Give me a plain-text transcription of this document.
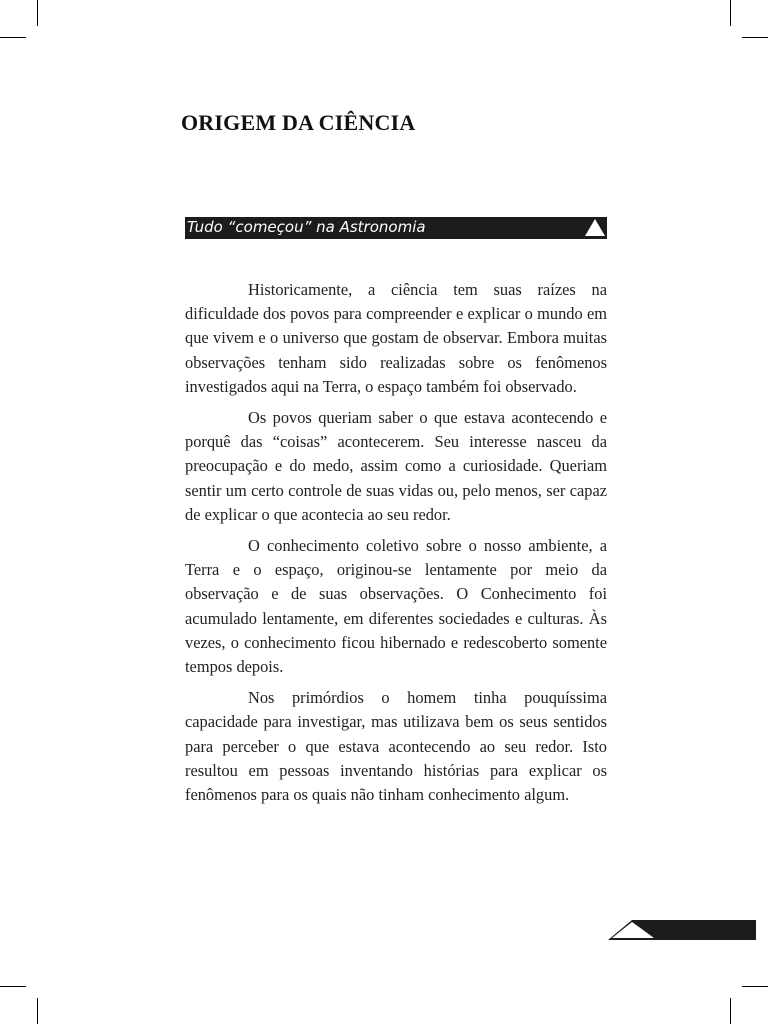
ORIGEM DA CIÊNCIA
Tudo “começou” na Astronomia

Historicamente, a ciência tem suas raízes na dificuldade dos povos para compreender e explicar o mundo em que vivem e o universo que gostam de observar. Embora muitas observações tenham sido realizadas sobre os fenômenos investigados aqui na Terra, o espaço também foi observado.

Os povos queriam saber o que estava acontecendo e porquê das “coisas” acontecerem. Seu interesse nasceu da preocupação e do medo, assim como a curiosidade. Queriam sentir um certo controle de suas vidas ou, pelo menos, ser capaz de explicar o que acontecia ao seu redor.

O conhecimento coletivo sobre o nosso ambiente, a Terra e o espaço, originou-se lentamente por meio da observação e de suas observações. O Conhecimento foi acumulado lentamente, em diferentes sociedades e culturas. Às vezes, o conhecimento ficou hibernado e redescoberto somente tempos depois.

Nos primórdios o homem tinha pouquíssima capacidade para investigar, mas utilizava bem os seus sentidos para perceber o que estava acontecendo ao seu redor. Isto resultou em pessoas inventando histórias para explicar os fenômenos para os quais não tinham conhecimento algum.
